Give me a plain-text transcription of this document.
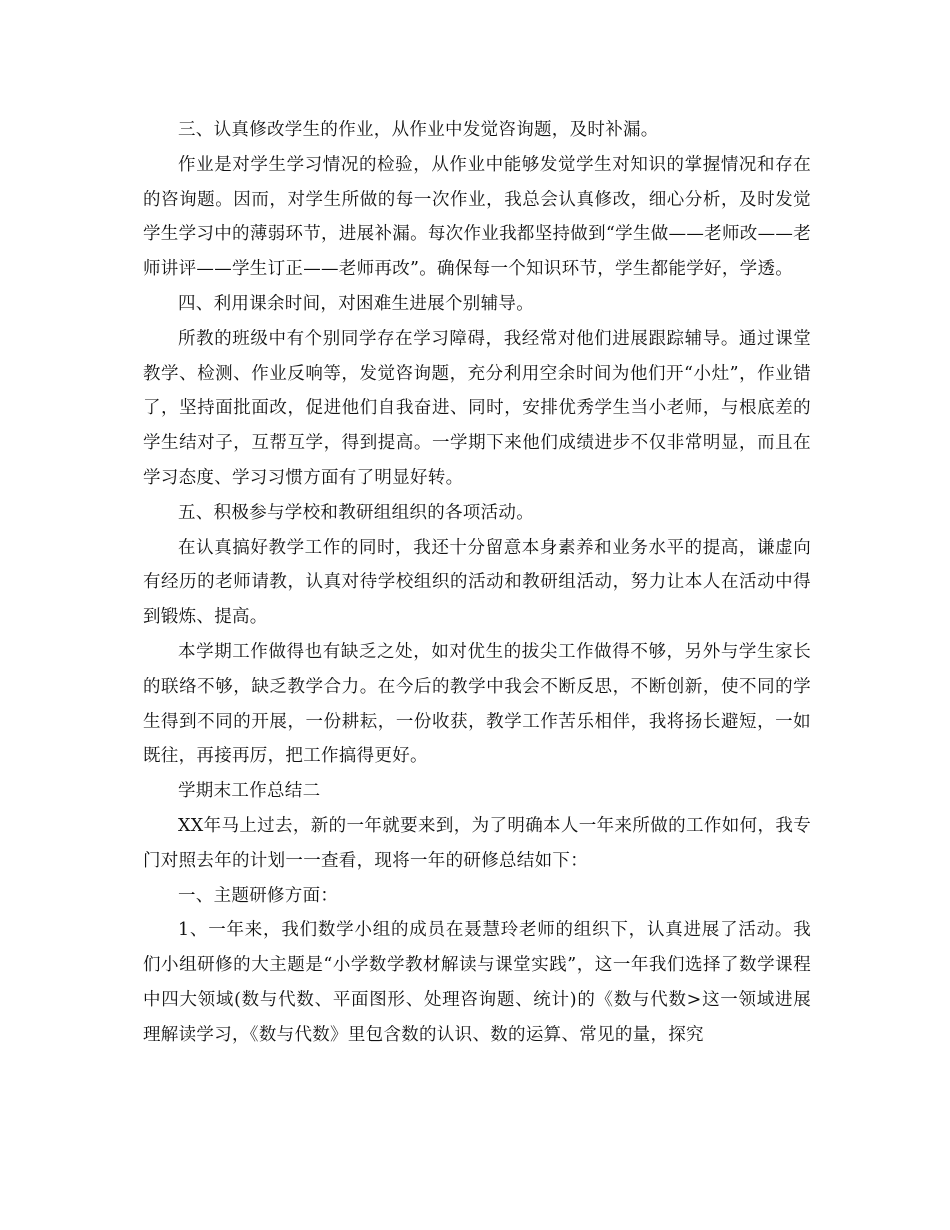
三、认真修改学生的作业，从作业中发觉咨询题，及时补漏。

作业是对学生学习情况的检验，从作业中能够发觉学生对知识的掌握情况和存在的咨询题。因而，对学生所做的每一次作业，我总会认真修改，细心分析，及时发觉学生学习中的薄弱环节，进展补漏。每次作业我都坚持做到“学生做——老师改——老师讲评——学生订正——老师再改”。确保每一个知识环节，学生都能学好，学透。

四、利用课余时间，对困难生进展个别辅导。

所教的班级中有个别同学存在学习障碍，我经常对他们进展跟踪辅导。通过课堂教学、检测、作业反响等，发觉咨询题，充分利用空余时间为他们开“小灶”，作业错了，坚持面批面改，促进他们自我奋进、同时，安排优秀学生当小老师，与根底差的学生结对子，互帮互学，得到提高。一学期下来他们成绩进步不仅非常明显，而且在学习态度、学习习惯方面有了明显好转。

五、积极参与学校和教研组组织的各项活动。

在认真搞好教学工作的同时，我还十分留意本身素养和业务水平的提高，谦虚向有经历的老师请教，认真对待学校组织的活动和教研组活动，努力让本人在活动中得到锻炼、提高。

本学期工作做得也有缺乏之处，如对优生的拔尖工作做得不够，另外与学生家长的联络不够，缺乏教学合力。在今后的教学中我会不断反思，不断创新，使不同的学生得到不同的开展，一份耕耘，一份收获，教学工作苦乐相伴，我将扬长避短，一如既往，再接再厉，把工作搞得更好。

学期末工作总结二

XX年马上过去，新的一年就要来到，为了明确本人一年来所做的工作如何，我专门对照去年的计划一一查看，现将一年的研修总结如下：

一、主题研修方面：

1、一年来，我们数学小组的成员在聂慧玲老师的组织下，认真进展了活动。我们小组研修的大主题是“小学数学教材解读与课堂实践”，这一年我们选择了数学课程中四大领域(数与代数、平面图形、处理咨询题、统计)的《数与代数>这一领域进展理解读学习，《数与代数》里包含数的认识、数的运算、常见的量，探究
